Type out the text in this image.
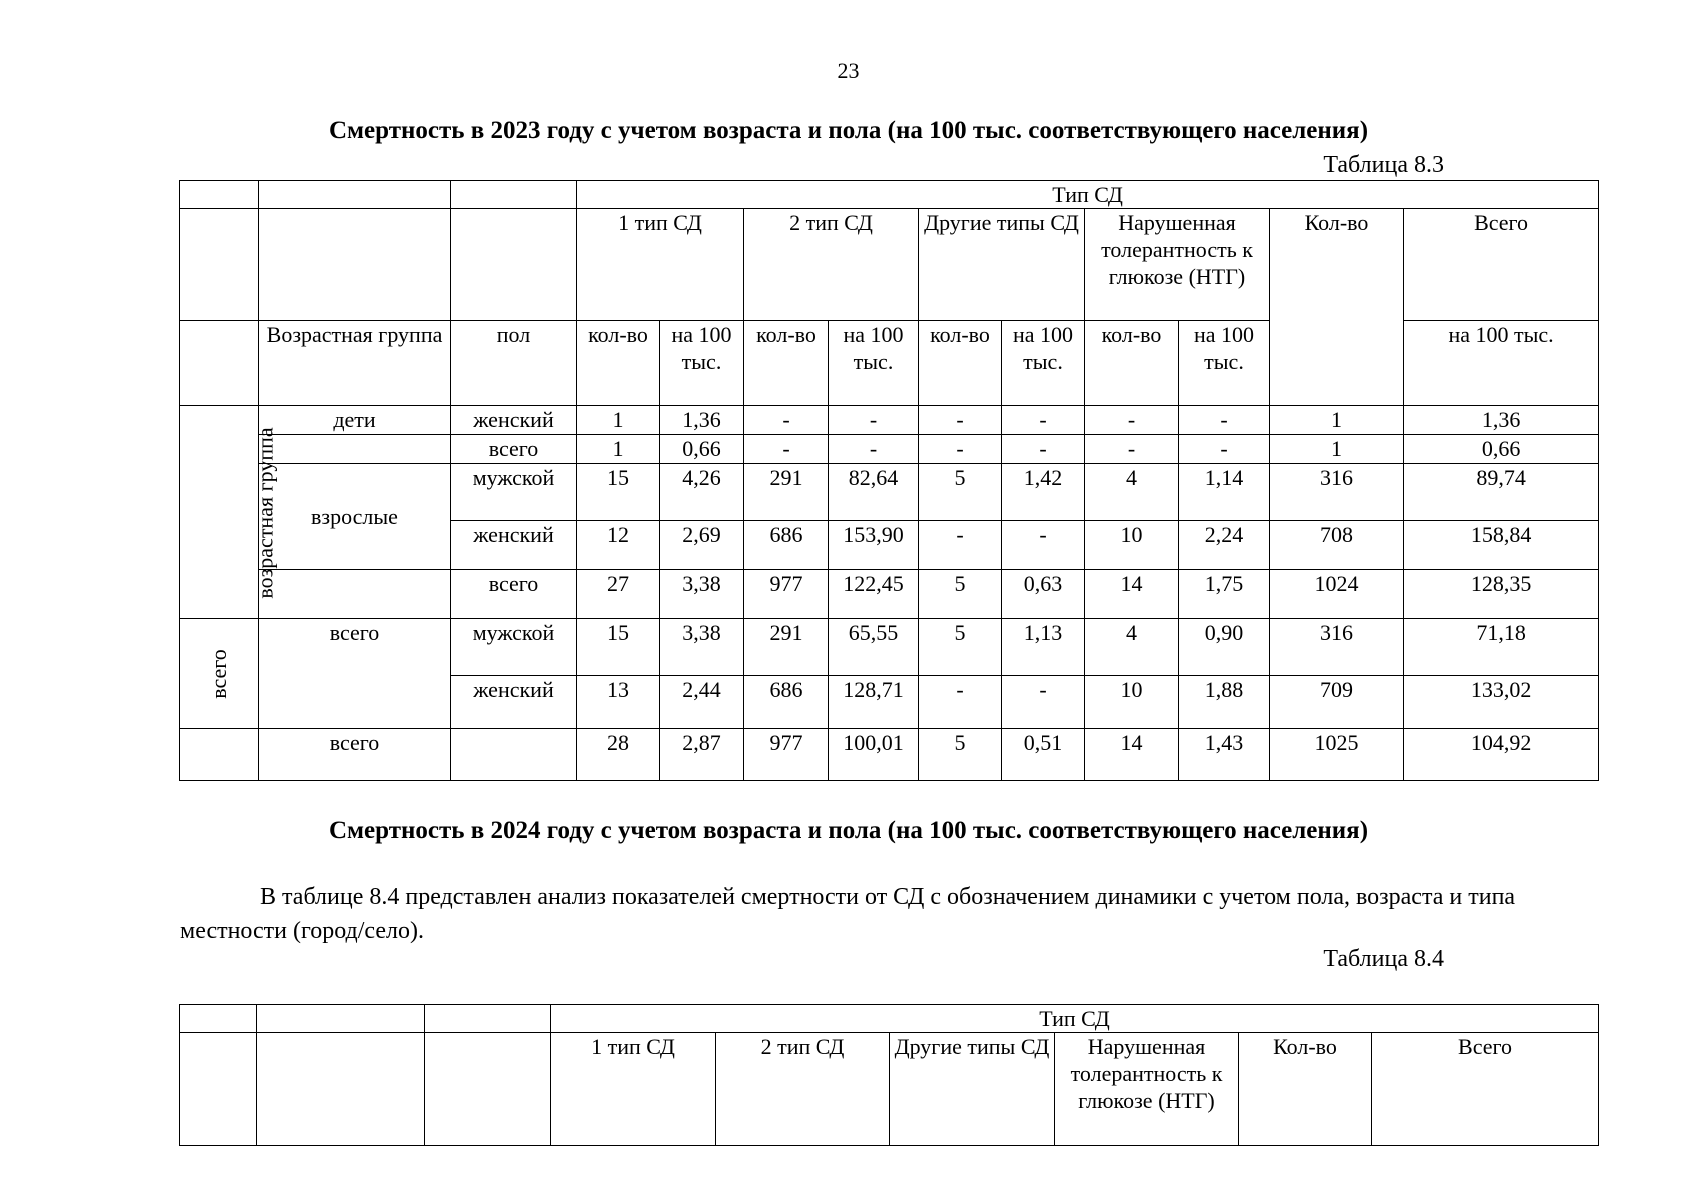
23
Смертность в 2023 году с учетом возраста и пола (на 100 тыс. соответствующего населения)
Таблица 8.3
			Тип СД									
			1 тип СД		2 тип СД		Другие типы СД		Нарушенная толерантность к глюкозе (НТГ)		Кол-во	Всего
	Возрастная группа	пол	кол-во	на 100 тыс.	кол-во	на 100 тыс.	кол-во	на 100 тыс.	кол-во	на 100 тыс.		на 100 тыс.
возрастная группа	дети	женский	1	1,36	-	-	-	-	-	-	1	1,36
		всего	1	0,66	-	-	-	-	-	-	1	0,66
	взрослые	мужской	15	4,26	291	82,64	5	1,42	4	1,14	316	89,74
		женский	12	2,69	686	153,90	-	-	10	2,24	708	158,84
		всего	27	3,38	977	122,45	5	0,63	14	1,75	1024	128,35
всего	всего	мужской	15	3,38	291	65,55	5	1,13	4	0,90	316	71,18
		женский	13	2,44	686	128,71	-	-	10	1,88	709	133,02
	всего		28	2,87	977	100,01	5	0,51	14	1,43	1025	104,92
Смертность в 2024 году с учетом возраста и пола (на 100 тыс. соответствующего населения)
В таблице 8.4 представлен анализ показателей смертности от СД с обозначением динамики с учетом пола, возраста и типа местности (город/село).
Таблица 8.4
			Тип СД					
			1 тип СД	2 тип СД	Другие типы СД	Нарушенная толерантность к глюкозе (НТГ)	Кол-во	Всего
